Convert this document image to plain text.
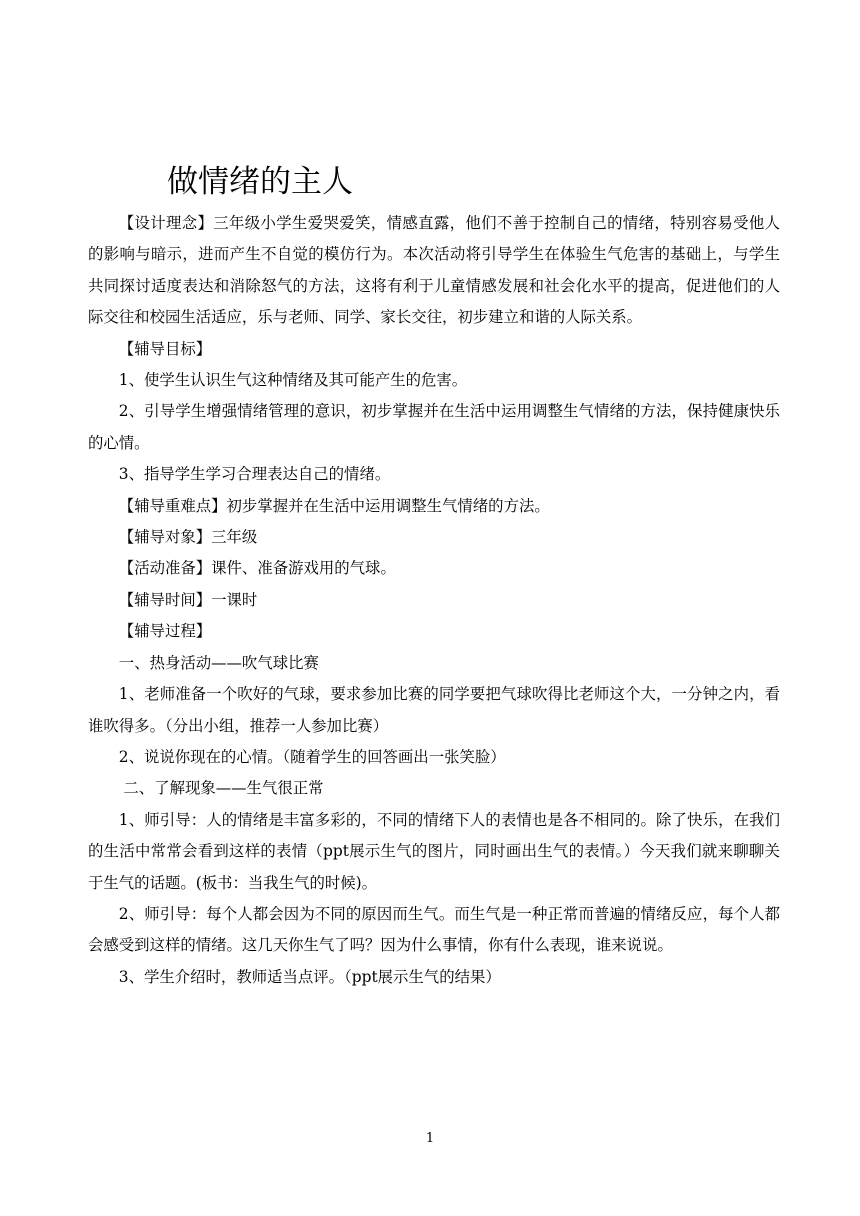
做情绪的主人

【设计理念】三年级小学生爱哭爱笑，情感直露，他们不善于控制自己的情绪，特别容易受他人的影响与暗示，进而产生不自觉的模仿行为。本次活动将引导学生在体验生气危害的基础上，与学生共同探讨适度表达和消除怒气的方法，这将有利于儿童情感发展和社会化水平的提高，促进他们的人际交往和校园生活适应，乐与老师、同学、家长交往，初步建立和谐的人际关系。

【辅导目标】

1、使学生认识生气这种情绪及其可能产生的危害。

2、引导学生增强情绪管理的意识，初步掌握并在生活中运用调整生气情绪的方法，保持健康快乐的心情。

3、指导学生学习合理表达自己的情绪。

【辅导重难点】初步掌握并在生活中运用调整生气情绪的方法。

【辅导对象】三年级

【活动准备】课件、准备游戏用的气球。

【辅导时间】一课时

【辅导过程】

一、热身活动——吹气球比赛

1、老师准备一个吹好的气球，要求参加比赛的同学要把气球吹得比老师这个大，一分钟之内，看谁吹得多。（分出小组，推荐一人参加比赛）

2、说说你现在的心情。（随着学生的回答画出一张笑脸）

二、了解现象——生气很正常

1、师引导：人的情绪是丰富多彩的，不同的情绪下人的表情也是各不相同的。除了快乐，在我们的生活中常常会看到这样的表情（ppt展示生气的图片，同时画出生气的表情。）今天我们就来聊聊关于生气的话题。(板书：当我生气的时候)。

2、师引导：每个人都会因为不同的原因而生气。而生气是一种正常而普遍的情绪反应，每个人都会感受到这样的情绪。这几天你生气了吗？因为什么事情，你有什么表现，谁来说说。

3、学生介绍时，教师适当点评。（ppt展示生气的结果）

1
